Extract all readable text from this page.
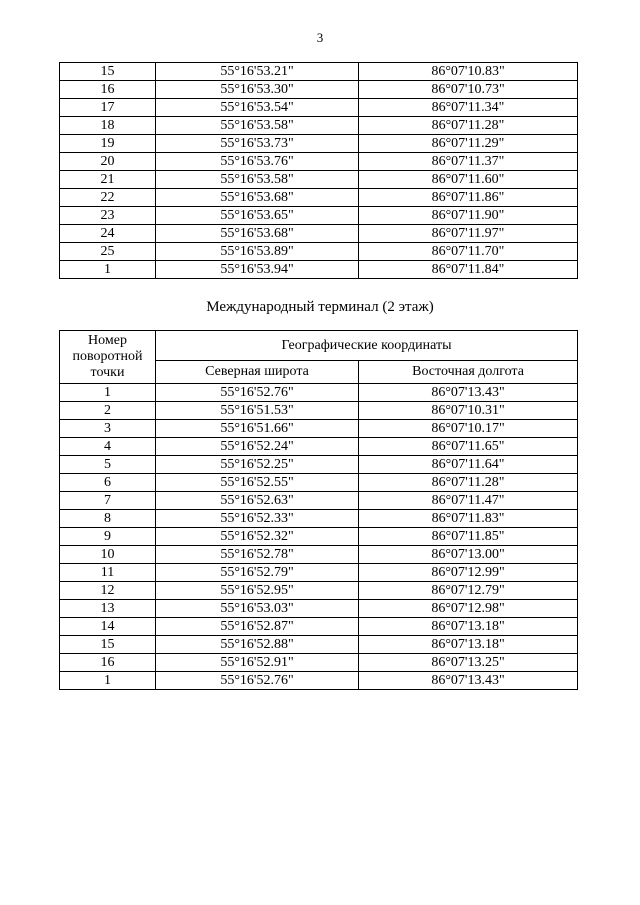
3
15	55°16'53.21"	86°07'10.83"
16	55°16'53.30"	86°07'10.73"
17	55°16'53.54"	86°07'11.34"
18	55°16'53.58"	86°07'11.28"
19	55°16'53.73"	86°07'11.29"
20	55°16'53.76"	86°07'11.37"
21	55°16'53.58"	86°07'11.60"
22	55°16'53.68"	86°07'11.86"
23	55°16'53.65"	86°07'11.90"
24	55°16'53.68"	86°07'11.97"
25	55°16'53.89"	86°07'11.70"
1	55°16'53.94"	86°07'11.84"
Международный терминал (2 этаж)
Номер поворотной точки	Географические координаты	
	Северная широта	Восточная долгота
1	55°16'52.76"	86°07'13.43"
2	55°16'51.53"	86°07'10.31"
3	55°16'51.66"	86°07'10.17"
4	55°16'52.24"	86°07'11.65"
5	55°16'52.25"	86°07'11.64"
6	55°16'52.55"	86°07'11.28"
7	55°16'52.63"	86°07'11.47"
8	55°16'52.33"	86°07'11.83"
9	55°16'52.32"	86°07'11.85"
10	55°16'52.78"	86°07'13.00"
11	55°16'52.79"	86°07'12.99"
12	55°16'52.95"	86°07'12.79"
13	55°16'53.03"	86°07'12.98"
14	55°16'52.87"	86°07'13.18"
15	55°16'52.88"	86°07'13.18"
16	55°16'52.91"	86°07'13.25"
1	55°16'52.76"	86°07'13.43"
